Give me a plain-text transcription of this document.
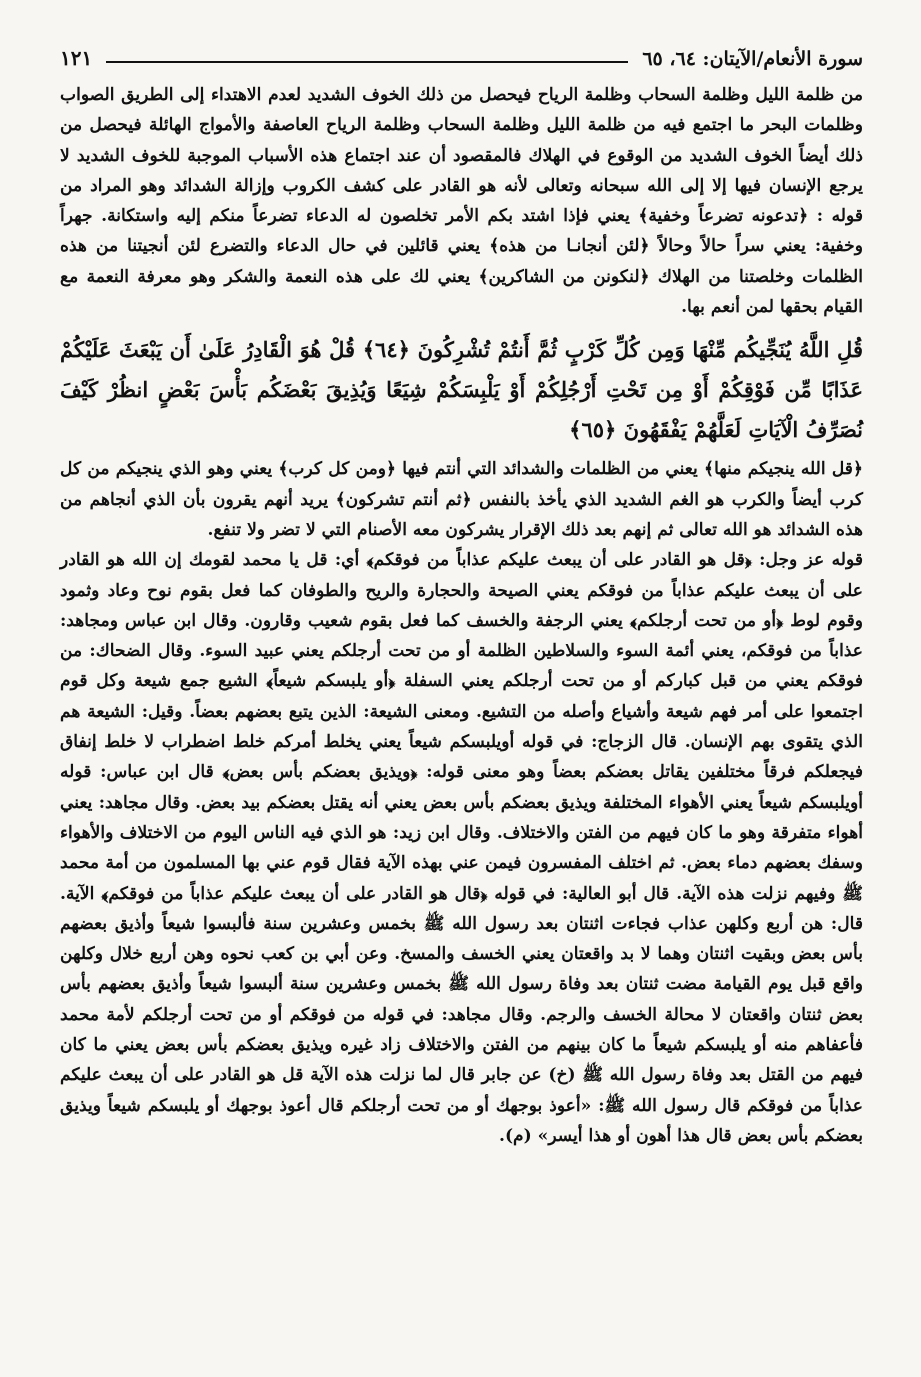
سورة الأنعام/الآيتان: ٦٤، ٦٥
١٢١

من ظلمة الليل وظلمة السحاب وظلمة الرياح فيحصل من ذلك الخوف الشديد لعدم الاهتداء إلى الطريق الصواب وظلمات البحر ما اجتمع فيه من ظلمة الليل وظلمة السحاب وظلمة الرياح العاصفة والأمواج الهائلة فيحصل من ذلك أيضاً الخوف الشديد من الوقوع في الهلاك فالمقصود أن عند اجتماع هذه الأسباب الموجبة للخوف الشديد لا يرجع الإنسان فيها إلا إلى الله سبحانه وتعالى لأنه هو القادر على كشف الكروب وإزالة الشدائد وهو المراد من قوله : ﴿تدعونه تضرعاً وخفية﴾ يعني فإذا اشتد بكم الأمر تخلصون له الدعاء تضرعاً منكم إليه واستكانة. جهراً وخفية: يعني سراً حالاً وحالاً ﴿لئن أنجانـا من هذه﴾ يعني قائلين في حال الدعاء والتضرع لئن أنجيتنا من هذه الظلمات وخلصتنا من الهلاك ﴿لنكونن من الشاكرين﴾ يعني لك على هذه النعمة والشكر وهو معرفة النعمة مع القيام بحقها لمن أنعم بها.

قُلِ اللَّهُ يُنَجِّيكُم مِّنْهَا وَمِن كُلِّ كَرْبٍ ثُمَّ أَنتُمْ تُشْرِكُونَ ﴿٦٤﴾ قُلْ هُوَ الْقَادِرُ عَلَىٰ أَن يَبْعَثَ عَلَيْكُمْ عَذَابًا مِّن فَوْقِكُمْ أَوْ مِن تَحْتِ أَرْجُلِكُمْ أَوْ يَلْبِسَكُمْ شِيَعًا وَيُذِيقَ بَعْضَكُم بَأْسَ بَعْضٍ انظُرْ كَيْفَ نُصَرِّفُ الْآيَاتِ لَعَلَّهُمْ يَفْقَهُونَ ﴿٦٥﴾

﴿قل الله ينجيكم منها﴾ يعني من الظلمات والشدائد التي أنتم فيها ﴿ومن كل كرب﴾ يعني وهو الذي ينجيكم من كل كرب أيضاً والكرب هو الغم الشديد الذي يأخذ بالنفس ﴿ثم أنتم تشركون﴾ يريد أنهم يقرون بأن الذي أنجاهم من هذه الشدائد هو الله تعالى ثم إنهم بعد ذلك الإقرار يشركون معه الأصنام التي لا تضر ولا تنفع.

قوله عز وجل: ﴿قل هو القادر على أن يبعث عليكم عذاباً من فوقكم﴾ أي: قل يا محمد لقومك إن الله هو القادر على أن يبعث عليكم عذاباً من فوقكم يعني الصيحة والحجارة والريح والطوفان كما فعل بقوم نوح وعاد وثمود وقوم لوط ﴿أو من تحت أرجلكم﴾ يعني الرجفة والخسف كما فعل بقوم شعيب وقارون. وقال ابن عباس ومجاهد: عذاباً من فوقكم، يعني أئمة السوء والسلاطين الظلمة أو من تحت أرجلكم يعني عبيد السوء. وقال الضحاك: من فوقكم يعني من قبل كباركم أو من تحت أرجلكم يعني السفلة ﴿أو يلبسكم شيعاً﴾ الشيع جمع شيعة وكل قوم اجتمعوا على أمر فهم شيعة وأشياع وأصله من التشيع. ومعنى الشيعة: الذين يتبع بعضهم بعضاً. وقيل: الشيعة هم الذي يتقوى بهم الإنسان. قال الزجاج: في قوله أويلبسكم شيعاً يعني يخلط أمركم خلط اضطراب لا خلط إنفاق فيجعلكم فرقاً مختلفين يقاتل بعضكم بعضاً وهو معنى قوله: ﴿ويذيق بعضكم بأس بعض﴾ قال ابن عباس: قوله أويلبسكم شيعاً يعني الأهواء المختلفة ويذيق بعضكم بأس بعض يعني أنه يقتل بعضكم بيد بعض. وقال مجاهد: يعني أهواء متفرقة وهو ما كان فيهم من الفتن والاختلاف. وقال ابن زيد: هو الذي فيه الناس اليوم من الاختلاف والأهواء وسفك بعضهم دماء بعض. ثم اختلف المفسرون فيمن عني بهذه الآية فقال قوم عني بها المسلمون من أمة محمد ﷺ وفيهم نزلت هذه الآية. قال أبو العالية: في قوله ﴿قال هو القادر على أن يبعث عليكم عذاباً من فوقكم﴾ الآية. قال: هن أربع وكلهن عذاب فجاءت اثنتان بعد رسول الله ﷺ بخمس وعشرين سنة فألبسوا شيعاً وأذيق بعضهم بأس بعض وبقيت اثنتان وهما لا بد واقعتان يعني الخسف والمسخ. وعن أبي بن كعب نحوه وهن أربع خلال وكلهن واقع قبل يوم القيامة مضت ثنتان بعد وفاة رسول الله ﷺ بخمس وعشرين سنة ألبسوا شيعاً وأذيق بعضهم بأس بعض ثنتان واقعتان لا محالة الخسف والرجم. وقال مجاهد: في قوله من فوقكم أو من تحت أرجلكم لأمة محمد فأعفاهم منه أو يلبسكم شيعاً ما كان بينهم من الفتن والاختلاف زاد غيره ويذيق بعضكم بأس بعض يعني ما كان فيهم من القتل بعد وفاة رسول الله ﷺ (خ) عن جابر قال لما نزلت هذه الآية قل هو القادر على أن يبعث عليكم عذاباً من فوقكم قال رسول الله ﷺ: «أعوذ بوجهك أو من تحت أرجلكم قال أعوذ بوجهك أو يلبسكم شيعاً ويذيق بعضكم بأس بعض قال هذا أهون أو هذا أيسر» (م).
